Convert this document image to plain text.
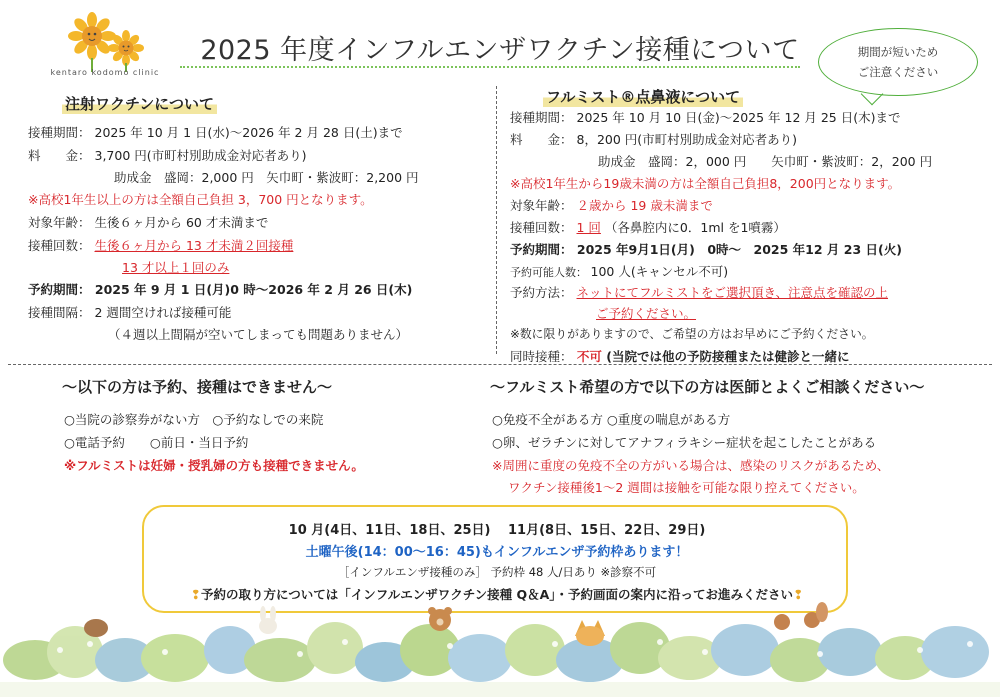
kentaro kodomo clinic
2025 年度インフルエンザワクチン接種について	期間が短いため
ご注意ください
注射ワクチンについて
接種期間： 2025 年 10 月 1 日(水)～2026 年 2 月 28 日(土)まで
料　　金： 3,700 円(市町村別助成金対応者あり)
助成金　盛岡：2,000 円　矢巾町・紫波町：2,200 円
※高校1年生以上の方は全額自己負担 3，700 円となります。
対象年齢： 生後６ヶ月から 60 才未満まで
接種回数： 生後６ヶ月から 13 才未満２回接種
13 才以上１回のみ
予約期間： 2025 年 9 月 1 日(月)0 時～2026 年 2 月 26 日(木)
接種間隔： 2 週間空ければ接種可能
（４週以上間隔が空いてしまっても問題ありません）
フルミスト®点鼻液について
接種期間： 2025 年 10 月 10 日(金)～2025 年 12 月 25 日(木)まで
料　　金： 8，200 円(市町村別助成金対応者あり)
助成金　盛岡：2，000 円　　矢巾町・紫波町：2，200 円
※高校1年生から19歳未満の方は全額自己負担8，200円となります。
対象年齢： ２歳から 19 歳未満まで
接種回数： 1 回 （各鼻腔内に0．1ml を1噴霧）
予約期間： 2025 年9月1日(月)　0時～　2025 年12 月 23 日(火)
予約可能人数： 100 人(キャンセル不可)
予約方法： ネットにてフルミストをご選択頂き、注意点を確認の上
ご予約ください。
※数に限りがありますので、ご希望の方はお早めにご予約ください。
同時接種： 不可 (当院では他の予防接種または健診と一緒に
～以下の方は予約、接種はできません～
○当院の診察券がない方　○予約なしでの来院
○電話予約　　○前日・当日予約
※フルミストは妊婦・授乳婦の方も接種できません。
～フルミスト希望の方で以下の方は医師とよくご相談ください～
○免疫不全がある方 ○重度の喘息がある方
○卵、ゼラチンに対してアナフィラキシー症状を起こしたことがある
※周囲に重度の免疫不全の方がいる場合は、感染のリスクがあるため、
ワクチン接種後1～2 週間は接触を可能な限り控えてください。
10 月(4日、11日、18日、25日)　 11月(8日、15日、22日、29日)
土曜午後(14：00～16：45)もインフルエンザ予約枠あります！
［インフルエンザ接種のみ］ 予約枠 48 人/日あり ※診察不可
❢予約の取り方については「インフルエンザワクチン接種 Q＆A」・予約画面の案内に沿ってお進みください❢
